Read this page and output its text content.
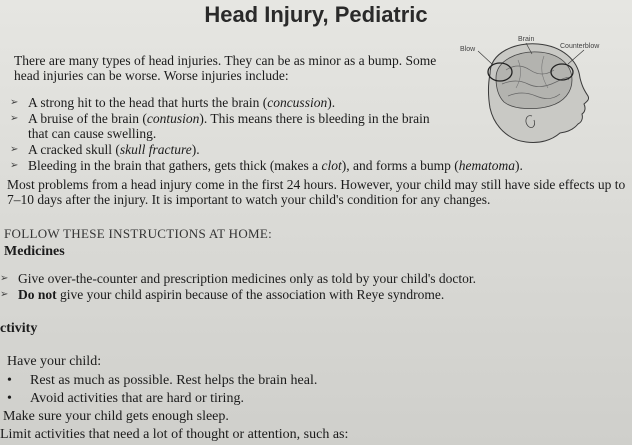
Head Injury, Pediatric
Brain
Blow	Counterblow
There are many types of head injuries. They can be as minor as a bump. Some head injuries can be worse. Worse injuries include:
➢ A strong hit to the head that hurts the brain (concussion).
➢ A bruise of the brain (contusion). This means there is bleeding in the brain that can cause swelling.
➢ A cracked skull (skull fracture).
➢ Bleeding in the brain that gathers, gets thick (makes a clot), and forms a bump (hematoma).
Most problems from a head injury come in the first 24 hours. However, your child may still have side effects up to 7–10 days after the injury. It is important to watch your child's condition for any changes.
FOLLOW THESE INSTRUCTIONS AT HOME:
Medicines
➢ Give over-the-counter and prescription medicines only as told by your child's doctor.
➢ Do not give your child aspirin because of the association with Reye syndrome.
ctivity
Have your child:
• Rest as much as possible. Rest helps the brain heal.
• Avoid activities that are hard or tiring.
Make sure your child gets enough sleep.
Limit activities that need a lot of thought or attention, such as:
